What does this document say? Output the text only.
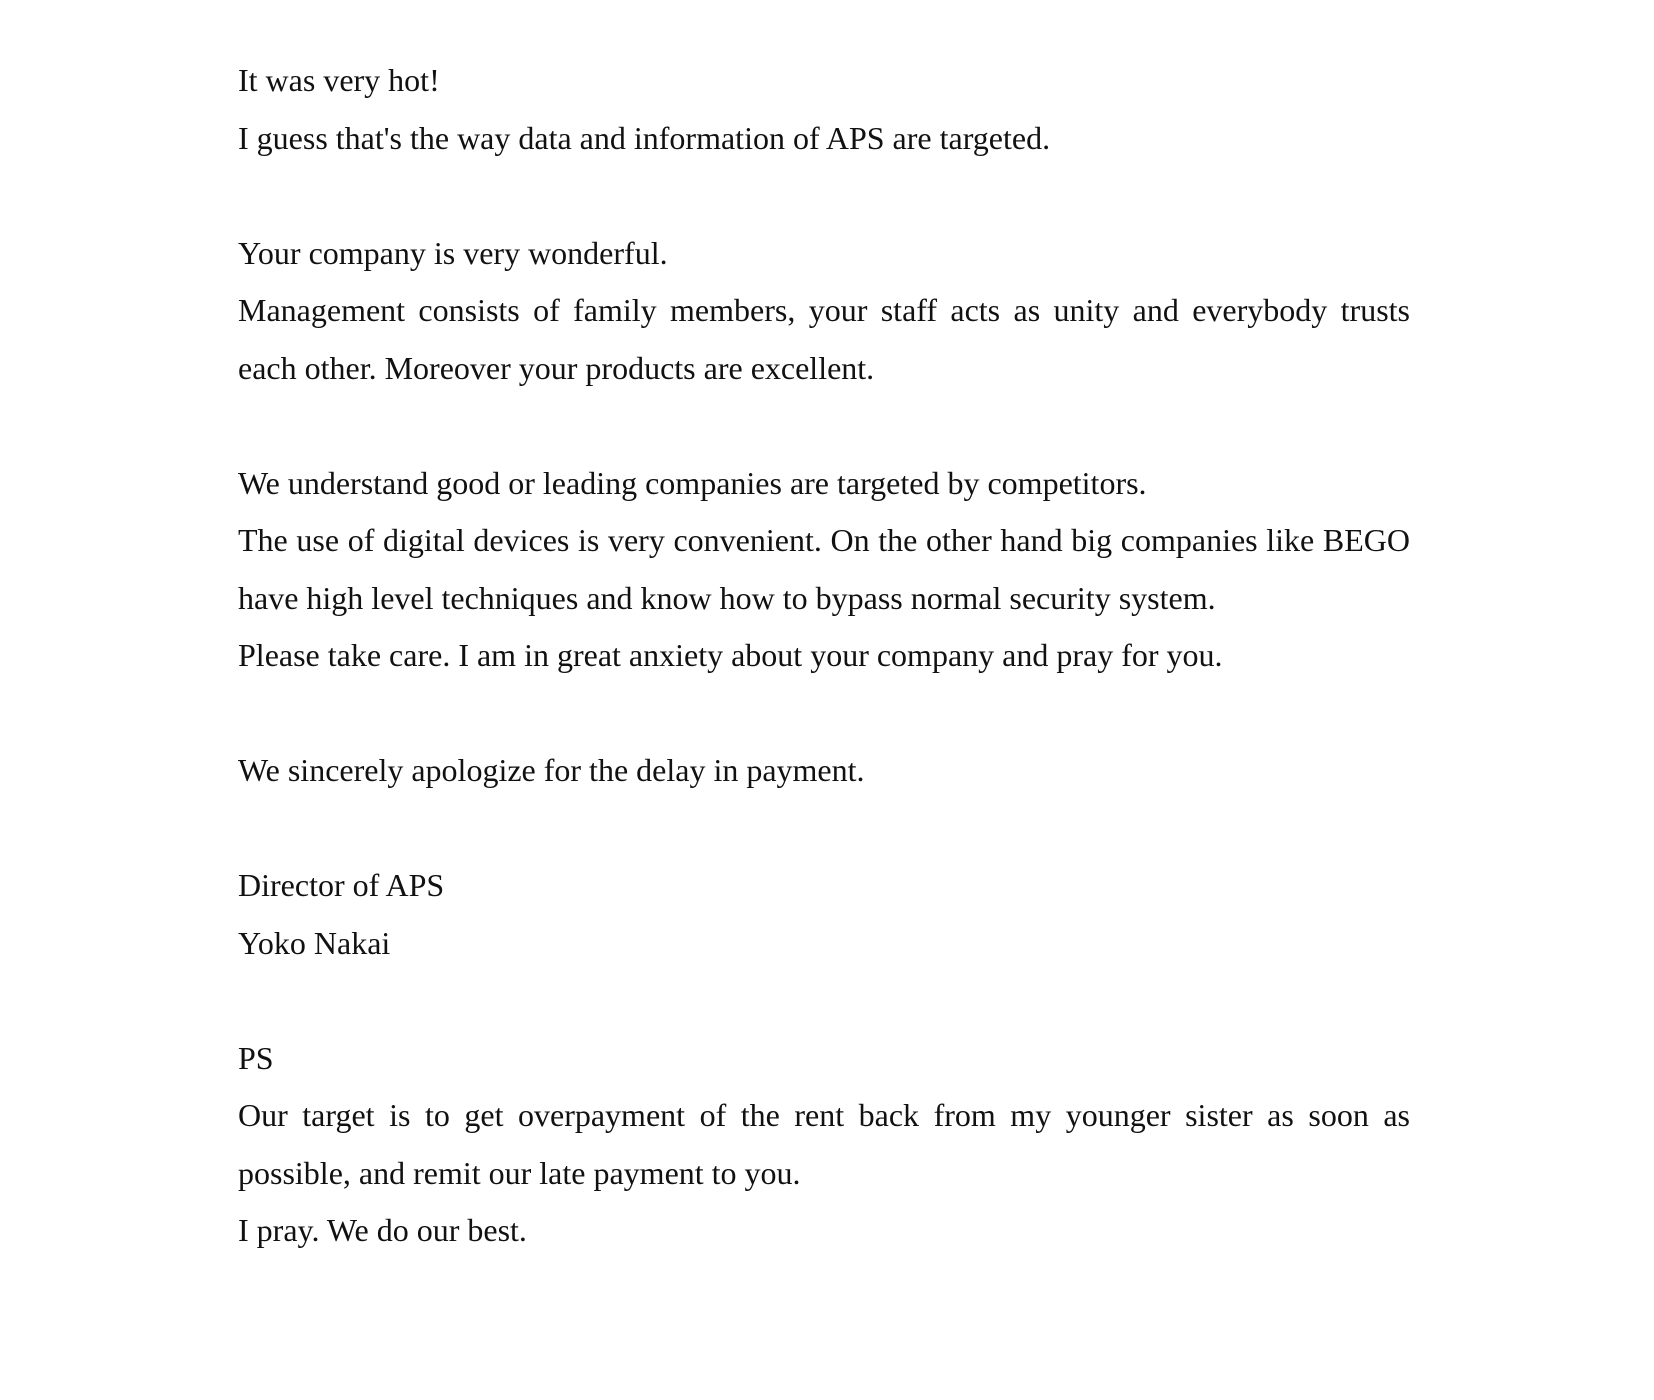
It was very hot!
I guess that's the way data and information of APS are targeted.
Your company is very wonderful.
Management consists of family members, your staff acts as unity and everybody trusts each other. Moreover your products are excellent.
We understand good or leading companies are targeted by competitors.
The use of digital devices is very convenient. On the other hand big companies like BEGO have high level techniques and know how to bypass normal security system.
Please take care. I am in great anxiety about your company and pray for you.
We sincerely apologize for the delay in payment.
Director of APS
Yoko Nakai
PS
Our target is to get overpayment of the rent back from my younger sister as soon as possible, and remit our late payment to you.
I pray. We do our best.
